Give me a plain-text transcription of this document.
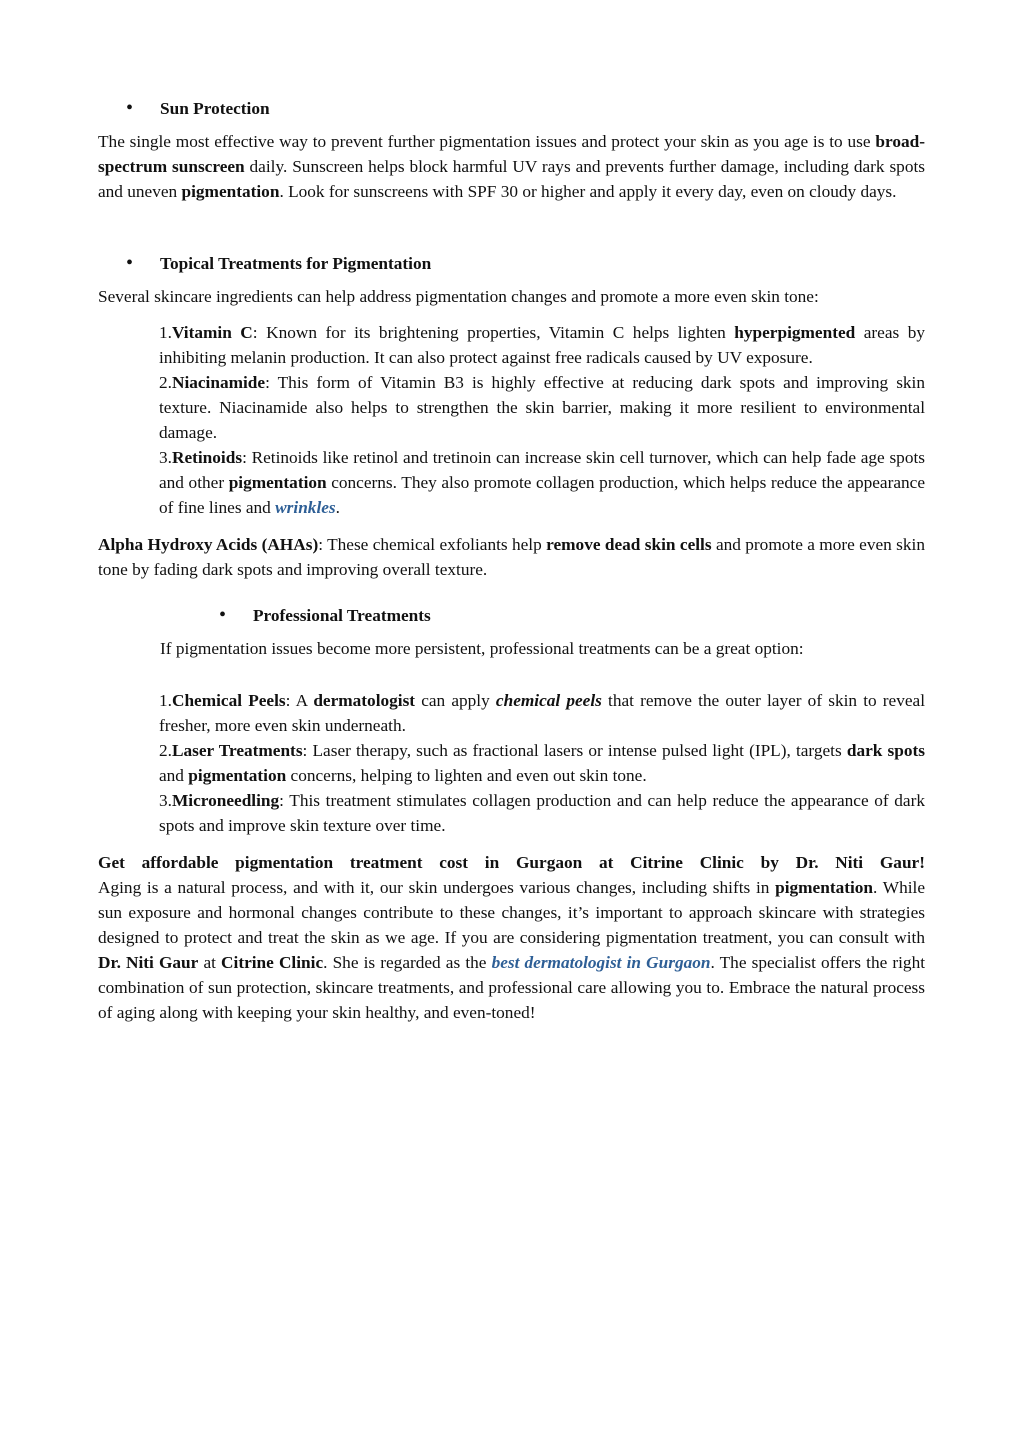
• Sun Protection

The single most effective way to prevent further pigmentation issues and protect your skin as you age is to use broad-spectrum sunscreen daily. Sunscreen helps block harmful UV rays and prevents further damage, including dark spots and uneven pigmentation. Look for sunscreens with SPF 30 or higher and apply it every day, even on cloudy days.

• Topical Treatments for Pigmentation

Several skincare ingredients can help address pigmentation changes and promote a more even skin tone:

1.Vitamin C: Known for its brightening properties, Vitamin C helps lighten hyperpigmented areas by inhibiting melanin production. It can also protect against free radicals caused by UV exposure.

2.Niacinamide: This form of Vitamin B3 is highly effective at reducing dark spots and improving skin texture. Niacinamide also helps to strengthen the skin barrier, making it more resilient to environmental damage.

3.Retinoids: Retinoids like retinol and tretinoin can increase skin cell turnover, which can help fade age spots and other pigmentation concerns. They also promote collagen production, which helps reduce the appearance of fine lines and wrinkles.

Alpha Hydroxy Acids (AHAs): These chemical exfoliants help remove dead skin cells and promote a more even skin tone by fading dark spots and improving overall texture.

• Professional Treatments

If pigmentation issues become more persistent, professional treatments can be a great option:

1.Chemical Peels: A dermatologist can apply chemical peels that remove the outer layer of skin to reveal fresher, more even skin underneath.

2.Laser Treatments: Laser therapy, such as fractional lasers or intense pulsed light (IPL), targets dark spots and pigmentation concerns, helping to lighten and even out skin tone.

3.Microneedling: This treatment stimulates collagen production and can help reduce the appearance of dark spots and improve skin texture over time.

Get affordable pigmentation treatment cost in Gurgaon at Citrine Clinic by Dr. Niti Gaur!

Aging is a natural process, and with it, our skin undergoes various changes, including shifts in pigmentation. While sun exposure and hormonal changes contribute to these changes, it’s important to approach skincare with strategies designed to protect and treat the skin as we age. If you are considering pigmentation treatment, you can consult with Dr. Niti Gaur at Citrine Clinic. She is regarded as the best dermatologist in Gurgaon. The specialist offers the right combination of sun protection, skincare treatments, and professional care allowing you to. Embrace the natural process of aging along with keeping your skin healthy, and even-toned!
